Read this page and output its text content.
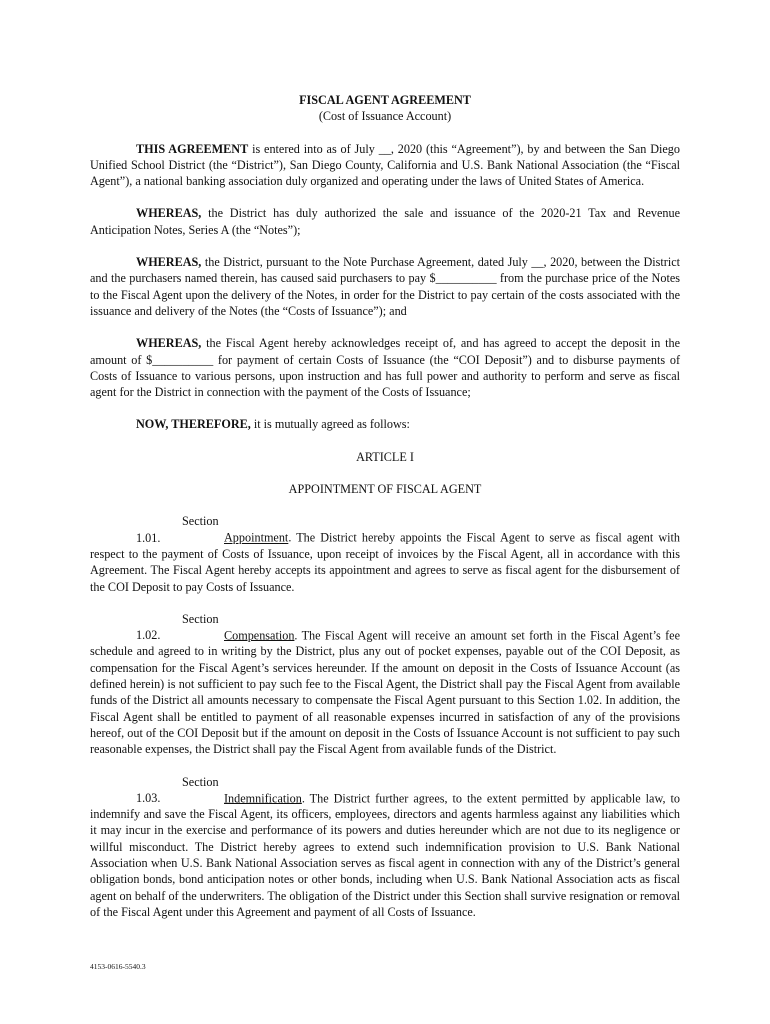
FISCAL AGENT AGREEMENT
(Cost of Issuance Account)

THIS AGREEMENT is entered into as of July __, 2020 (this “Agreement”), by and between the San Diego Unified School District (the “District”), San Diego County, California and U.S. Bank National Association (the “Fiscal Agent”), a national banking association duly organized and operating under the laws of United States of America.

WHEREAS, the District has duly authorized the sale and issuance of the 2020-21 Tax and Revenue Anticipation Notes, Series A (the “Notes”);

WHEREAS, the District, pursuant to the Note Purchase Agreement, dated July __, 2020, between the District and the purchasers named therein, has caused said purchasers to pay $__________ from the purchase price of the Notes to the Fiscal Agent upon the delivery of the Notes, in order for the District to pay certain of the costs associated with the issuance and delivery of the Notes (the “Costs of Issuance”); and

WHEREAS, the Fiscal Agent hereby acknowledges receipt of, and has agreed to accept the deposit in the amount of $__________ for payment of certain Costs of Issuance (the “COI Deposit”) and to disburse payments of Costs of Issuance to various persons, upon instruction and has full power and authority to perform and serve as fiscal agent for the District in connection with the payment of the Costs of Issuance;

NOW, THEREFORE, it is mutually agreed as follows:

ARTICLE I
APPOINTMENT OF FISCAL AGENT

Section 1.01.	Appointment. The District hereby appoints the Fiscal Agent to serve as fiscal agent with respect to the payment of Costs of Issuance, upon receipt of invoices by the Fiscal Agent, all in accordance with this Agreement. The Fiscal Agent hereby accepts its appointment and agrees to serve as fiscal agent for the disbursement of the COI Deposit to pay Costs of Issuance.

Section 1.02.	Compensation. The Fiscal Agent will receive an amount set forth in the Fiscal Agent’s fee schedule and agreed to in writing by the District, plus any out of pocket expenses, payable out of the COI Deposit, as compensation for the Fiscal Agent’s services hereunder. If the amount on deposit in the Costs of Issuance Account (as defined herein) is not sufficient to pay such fee to the Fiscal Agent, the District shall pay the Fiscal Agent from available funds of the District all amounts necessary to compensate the Fiscal Agent pursuant to this Section 1.02. In addition, the Fiscal Agent shall be entitled to payment of all reasonable expenses incurred in satisfaction of any of the provisions hereof, out of the COI Deposit but if the amount on deposit in the Costs of Issuance Account is not sufficient to pay such reasonable expenses, the District shall pay the Fiscal Agent from available funds of the District.

Section 1.03.	Indemnification. The District further agrees, to the extent permitted by applicable law, to indemnify and save the Fiscal Agent, its officers, employees, directors and agents harmless against any liabilities which it may incur in the exercise and performance of its powers and duties hereunder which are not due to its negligence or willful misconduct. The District hereby agrees to extend such indemnification provision to U.S. Bank National Association when U.S. Bank National Association serves as fiscal agent in connection with any of the District’s general obligation bonds, bond anticipation notes or other bonds, including when U.S. Bank National Association acts as fiscal agent on behalf of the underwriters. The obligation of the District under this Section shall survive resignation or removal of the Fiscal Agent under this Agreement and payment of all Costs of Issuance.

4153-0616-5540.3
